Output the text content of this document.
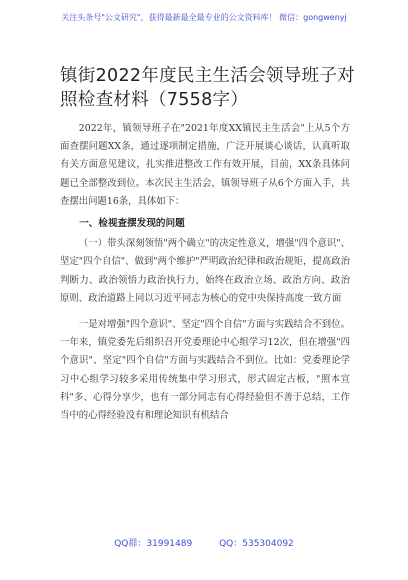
关注头条号"公文研究"，获得最新最全最专业的公文资料库！ 微信：gongwenyj
镇街2022年度民主生活会领导班子对照检查材料（7558字）

2022年，镇领导班子在"2021年度XX镇民主生活会"上从5个方面查摆问题XX条，通过逐项制定措施，广泛开展谈心谈话，认真听取有关方面意见建议，扎实推进整改工作有效开展，目前，XX条具体问题已全部整改到位。本次民主生活会，镇领导班子从6个方面入手，共查摆出问题16条，具体如下：

一、检视查摆发现的问题

（一）带头深刻领悟"两个确立"的决定性意义，增强"四个意识"、坚定"四个自信"、做到"两个维护"严明政治纪律和政治规矩，提高政治判断力、政治领悟力政治执行力，始终在政治立场、政治方向、政治原则、政治道路上同以习近平同志为核心的党中央保持高度一致方面

一是对增强"四个意识"、坚定"四个自信"方面与实践结合不到位。一年来，镇党委先后组织召开党委理论中心组学习12次，但在增强"四个意识"、坚定"四个自信"方面与实践结合不到位。比如：党委理论学习中心组学习较多采用传统集中学习形式，形式固定古板，"照本宣科"多、心得分享少，也有一部分同志有心得经验但不善于总结，工作当中的心得经验没有和理论知识有机结合

QQ群：31991489	QQ：535304092
